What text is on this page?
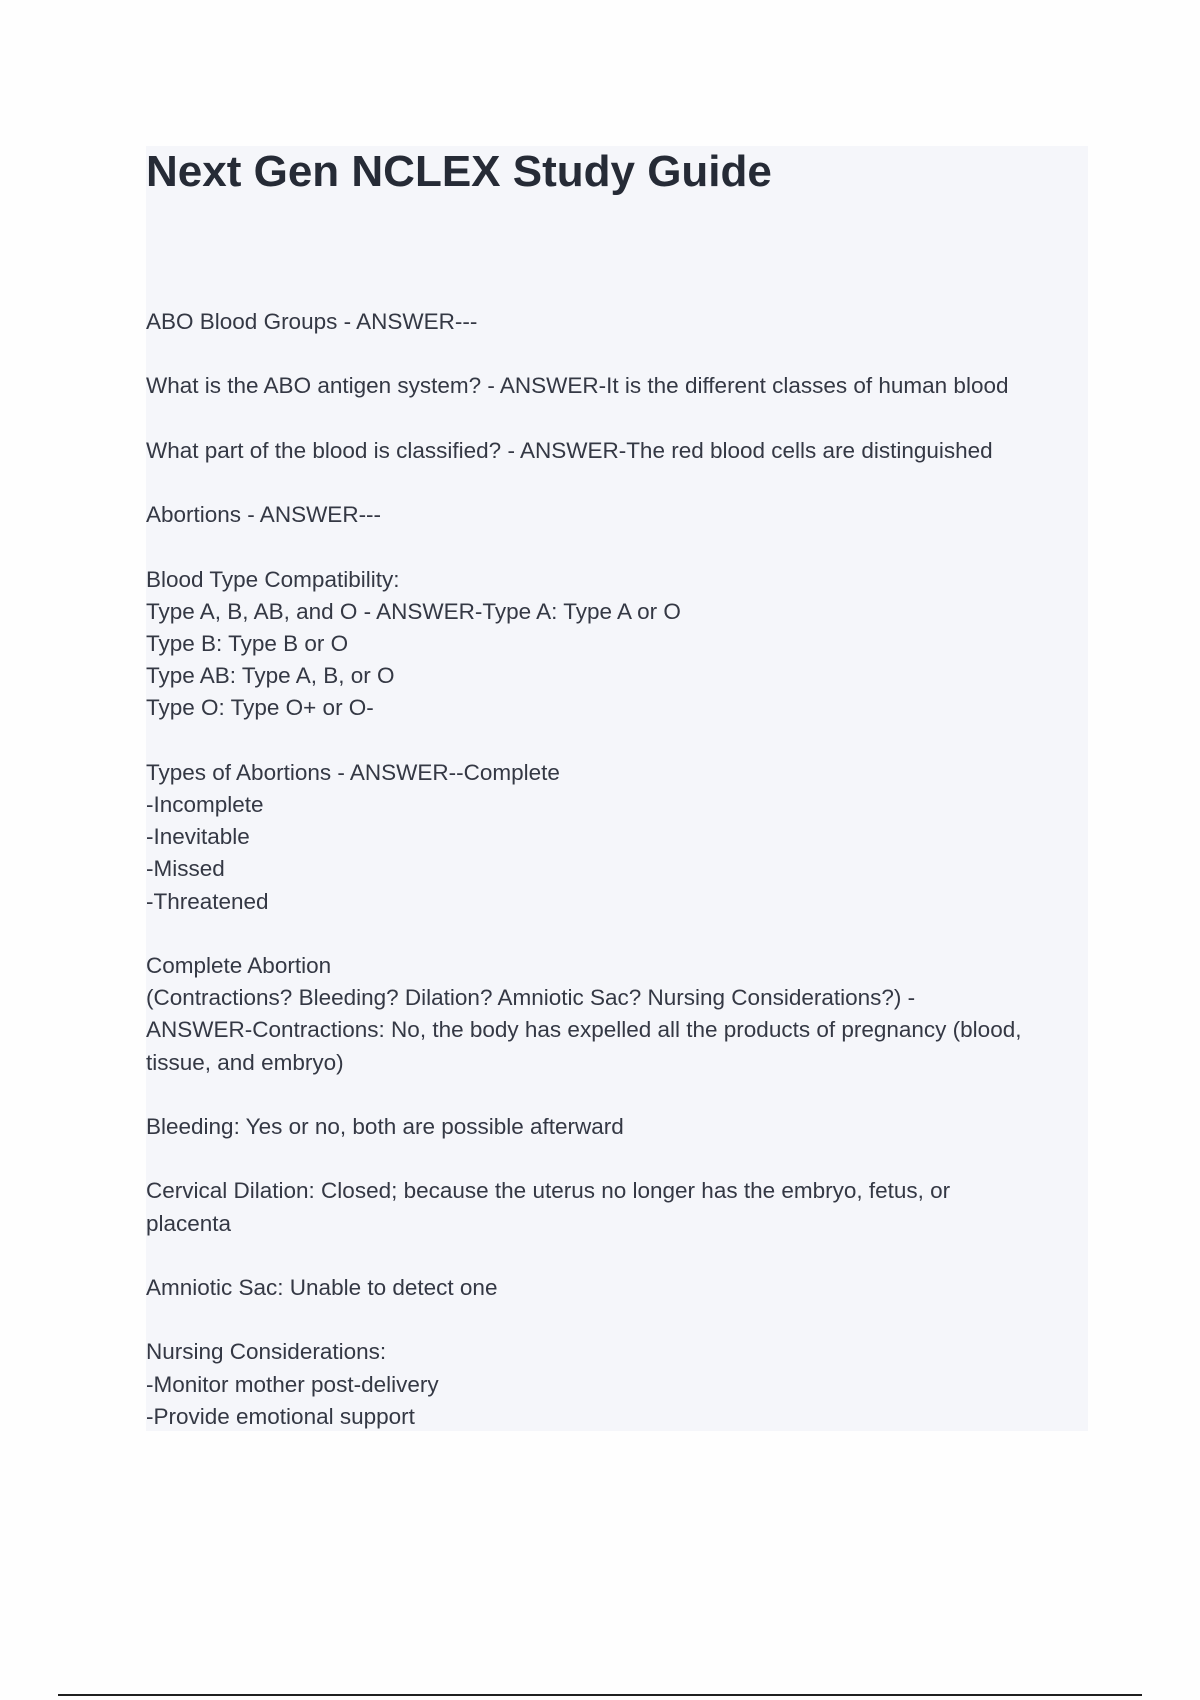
Next Gen NCLEX Study Guide

ABO Blood Groups - ANSWER---

What is the ABO antigen system? - ANSWER-It is the different classes of human blood

What part of the blood is classified? - ANSWER-The red blood cells are distinguished

Abortions - ANSWER---

Blood Type Compatibility:
Type A, B, AB, and O - ANSWER-Type A: Type A or O
Type B: Type B or O
Type AB: Type A, B, or O
Type O: Type O+ or O-

Types of Abortions - ANSWER--Complete
-Incomplete
-Inevitable
-Missed
-Threatened

Complete Abortion
(Contractions? Bleeding? Dilation? Amniotic Sac? Nursing Considerations?) -
ANSWER-Contractions: No, the body has expelled all the products of pregnancy (blood,
tissue, and embryo)

Bleeding: Yes or no, both are possible afterward

Cervical Dilation: Closed; because the uterus no longer has the embryo, fetus, or
placenta

Amniotic Sac: Unable to detect one

Nursing Considerations:
-Monitor mother post-delivery
-Provide emotional support
